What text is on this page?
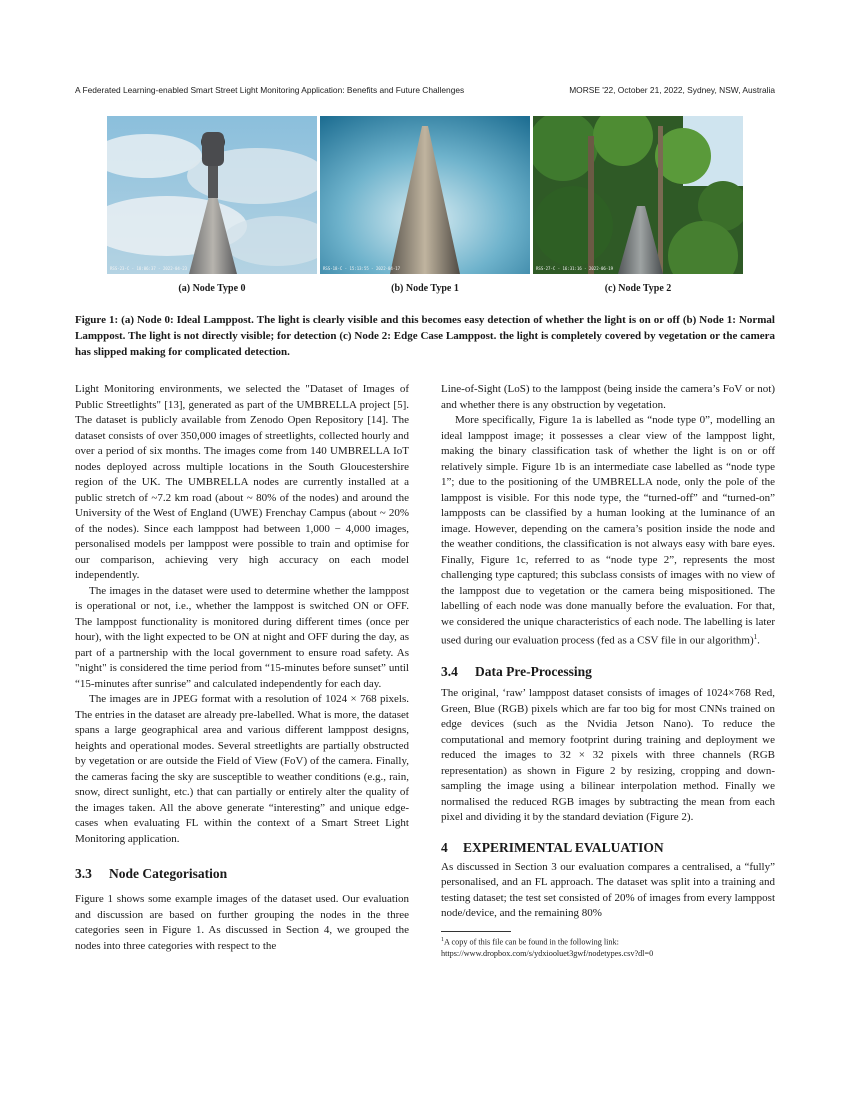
A Federated Learning-enabled Smart Street Light Monitoring Application: Benefits and Future Challenges	MORSE '22, October 21, 2022, Sydney, NSW, Australia
RSS-23-C - 18:06:37 - 2022-04-23	RSS-18-C - 15:13:55 - 2022-04-17	RSS-27-C - 16:31:16 - 2022-06-19
(a) Node Type 0	(b) Node Type 1	(c) Node Type 2
Figure 1: (a) Node 0: Ideal Lamppost. The light is clearly visible and this becomes easy detection of whether the light is on or off (b) Node 1: Normal Lamppost. The light is not directly visible; for detection (c) Node 2: Edge Case Lamppost. the light is completely covered by vegetation or the camera has slipped making for complicated detection.

Light Monitoring environments, we selected the "Dataset of Images of Public Streetlights" [13], generated as part of the UMBRELLA project [5]. The dataset is publicly available from Zenodo Open Repository [14]. The dataset consists of over 350,000 images of streetlights, collected hourly and over a period of six months. The images come from 140 UMBRELLA IoT nodes deployed across multiple locations in the South Gloucestershire region of the UK. The UMBRELLA nodes are currently installed at a public stretch of ~7.2 km road (about ~ 80% of the nodes) and around the University of the West of England (UWE) Frenchay Campus (about ~ 20% of the nodes). Since each lamppost had between 1,000 − 4,000 images, personalised models per lamppost were possible to train and optimise for our comparison, achieving very high accuracy on each model independently.

The images in the dataset were used to determine whether the lamppost is operational or not, i.e., whether the lamppost is switched ON or OFF. The lamppost functionality is monitored during different times (once per hour), with the light expected to be ON at night and OFF during the day, as part of a partnership with the local government to ensure road safety. As "night" is considered the time period from “15-minutes before sunset” until “15-minutes after sunrise” and calculated independently for each day.

The images are in JPEG format with a resolution of 1024 × 768 pixels. The entries in the dataset are already pre-labelled. What is more, the dataset spans a large geographical area and various different lamppost designs, heights and operational modes. Several streetlights are partially obstructed by vegetation or are outside the Field of View (FoV) of the camera. Finally, the cameras facing the sky are susceptible to weather conditions (e.g., rain, snow, direct sunlight, etc.) that can partially or entirely alter the quality of the images taken. All the above generate “interesting” and unique edge-cases when evaluating FL within the context of a Smart Street Light Monitoring application.

3.3 Node Categorisation

Figure 1 shows some example images of the dataset used. Our evaluation and discussion are based on further grouping the nodes in the three categories seen in Figure 1. As discussed in Section 4, we grouped the nodes into three categories with respect to the

Line-of-Sight (LoS) to the lamppost (being inside the camera’s FoV or not) and whether there is any obstruction by vegetation.

More specifically, Figure 1a is labelled as “node type 0”, modelling an ideal lamppost image; it possesses a clear view of the lamppost light, making the binary classification task of whether the light is on or off relatively simple. Figure 1b is an intermediate case labelled as “node type 1”; due to the positioning of the UMBRELLA node, only the pole of the lamppost is visible. For this node type, the “turned-off” and “turned-on” lampposts can be classified by a human looking at the luminance of an image. However, depending on the camera’s position inside the node and the weather conditions, the classification is not always easy with bare eyes. Finally, Figure 1c, referred to as “node type 2”, represents the most challenging type captured; this subclass consists of images with no view of the lamppost due to vegetation or the camera being mispositioned. The labelling of each node was done manually before the evaluation. For that, we considered the unique characteristics of each node. The labelling is later used during our evaluation process (fed as a CSV file in our algorithm)$^1$.

3.4 Data Pre-Processing

The original, ‘raw’ lamppost dataset consists of images of 1024×768 Red, Green, Blue (RGB) pixels which are far too big for most CNNs trained on edge devices (such as the Nvidia Jetson Nano). To reduce the computational and memory footprint during training and deployment we reduced the images to 32 × 32 pixels with three channels (RGB representation) as shown in Figure 2 by resizing, cropping and down-sampling the image using a bilinear interpolation method. Finally we normalised the reduced RGB images by subtracting the mean from each pixel and dividing it by the standard deviation (Figure 2).

4 EXPERIMENTAL EVALUATION

As discussed in Section 3 our evaluation compares a centralised, a “fully” personalised, and an FL approach. The dataset was split into a training and testing dataset; the test set consisted of 20% of images from every lamppost node/device, and the remaining 80%

$^1$A copy of this file can be found in the following link:
https://www.dropbox.com/s/ydxiooluet3gwf/nodetypes.csv?dl=0
